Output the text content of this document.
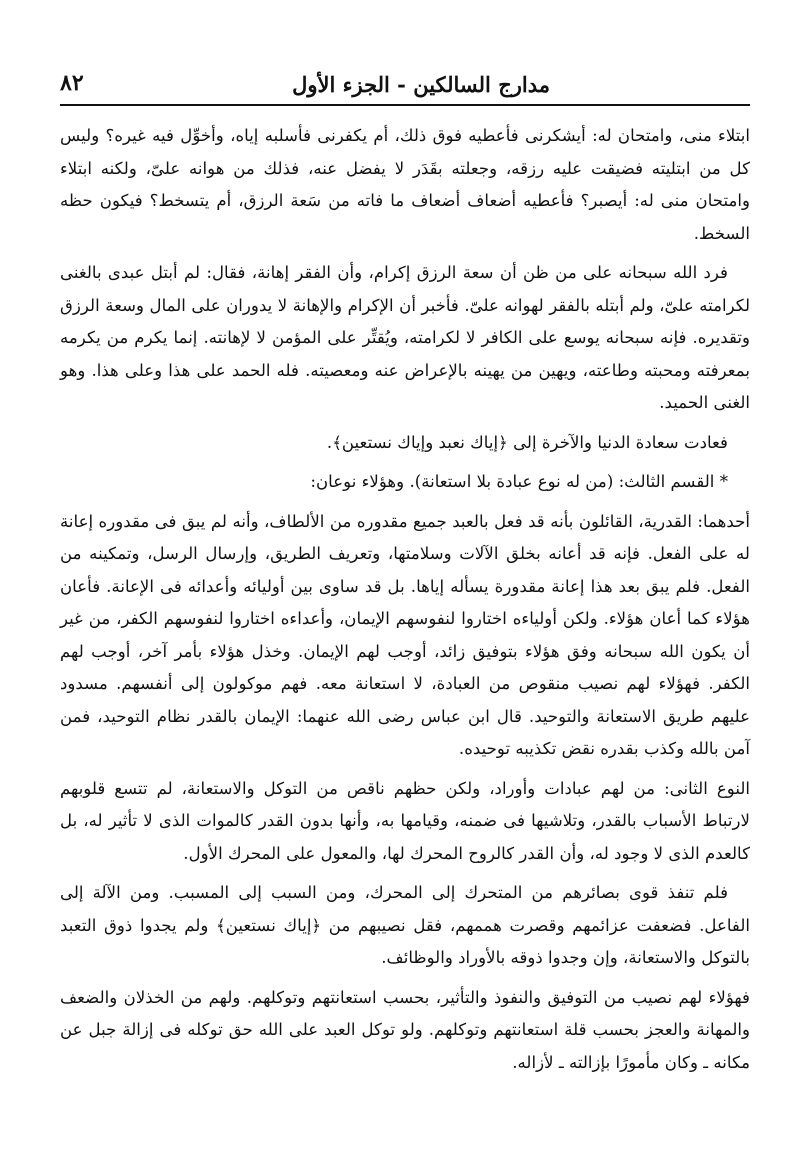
مدارج السالكين - الجزء الأول
٨٢

ابتلاء منى، وامتحان له: أيشكرنى فأعطيه فوق ذلك، أم يكفرنى فأسلبه إياه، وأخوِّل فيه غيره؟ وليس كل من ابتليته فضيقت عليه رزقه، وجعلته بقَدَر لا يفضل عنه، فذلك من هوانه علىّ، ولكنه ابتلاء وامتحان منى له: أيصبر؟ فأعطيه أضعاف أضعاف ما فاته من سَعة الرزق، أم يتسخط؟ فيكون حظه السخط.

فرد الله سبحانه على من ظن أن سعة الرزق إكرام، وأن الفقر إهانة، فقال: لم أبتل عبدى بالغنى لكرامته علىّ، ولم أبتله بالفقر لهوانه علىّ. فأخبر أن الإكرام والإهانة لا يدوران على المال وسعة الرزق وتقديره. فإنه سبحانه يوسع على الكافر لا لكرامته، ويُقتِّر على المؤمن لا لإهانته. إنما يكرم من يكرمه بمعرفته ومحبته وطاعته، ويهين من يهينه بالإعراض عنه ومعصيته. فله الحمد على هذا وعلى هذا. وهو الغنى الحميد.

فعادت سعادة الدنيا والآخرة إلى ﴿إياك نعبد وإياك نستعين﴾.

* القسم الثالث: (من له نوع عبادة بلا استعانة). وهؤلاء نوعان:

أحدهما: القدرية، القائلون بأنه قد فعل بالعبد جميع مقدوره من الألطاف، وأنه لم يبق فى مقدوره إعانة له على الفعل. فإنه قد أعانه بخلق الآلات وسلامتها، وتعريف الطريق، وإرسال الرسل، وتمكينه من الفعل. فلم يبق بعد هذا إعانة مقدورة يسأله إياها. بل قد ساوى بين أوليائه وأعدائه فى الإعانة. فأعان هؤلاء كما أعان هؤلاء. ولكن أولياءه اختاروا لنفوسهم الإيمان، وأعداءه اختاروا لنفوسهم الكفر، من غير أن يكون الله سبحانه وفق هؤلاء بتوفيق زائد، أوجب لهم الإيمان. وخذل هؤلاء بأمر آخر، أوجب لهم الكفر. فهؤلاء لهم نصيب منقوص من العبادة، لا استعانة معه. فهم موكولون إلى أنفسهم. مسدود عليهم طريق الاستعانة والتوحيد. قال ابن عباس رضى الله عنهما: الإيمان بالقدر نظام التوحيد، فمن آمن بالله وكذب بقدره نقض تكذيبه توحيده.

النوع الثانى: من لهم عبادات وأوراد، ولكن حظهم ناقص من التوكل والاستعانة، لم تتسع قلوبهم لارتباط الأسباب بالقدر، وتلاشيها فى ضمنه، وقيامها به، وأنها بدون القدر كالموات الذى لا تأثير له، بل كالعدم الذى لا وجود له، وأن القدر كالروح المحرك لها، والمعول على المحرك الأول.

فلم تنفذ قوى بصائرهم من المتحرك إلى المحرك، ومن السبب إلى المسبب. ومن الآلة إلى الفاعل. فضعفت عزائمهم وقصرت هممهم، فقل نصيبهم من ﴿إياك نستعين﴾ ولم يجدوا ذوق التعبد بالتوكل والاستعانة، وإن وجدوا ذوقه بالأوراد والوظائف.

فهؤلاء لهم نصيب من التوفيق والنفوذ والتأثير، بحسب استعانتهم وتوكلهم. ولهم من الخذلان والضعف والمهانة والعجز بحسب قلة استعانتهم وتوكلهم. ولو توكل العبد على الله حق توكله فى إزالة جبل عن مكانه ـ وكان مأمورًا بإزالته ـ لأزاله.
